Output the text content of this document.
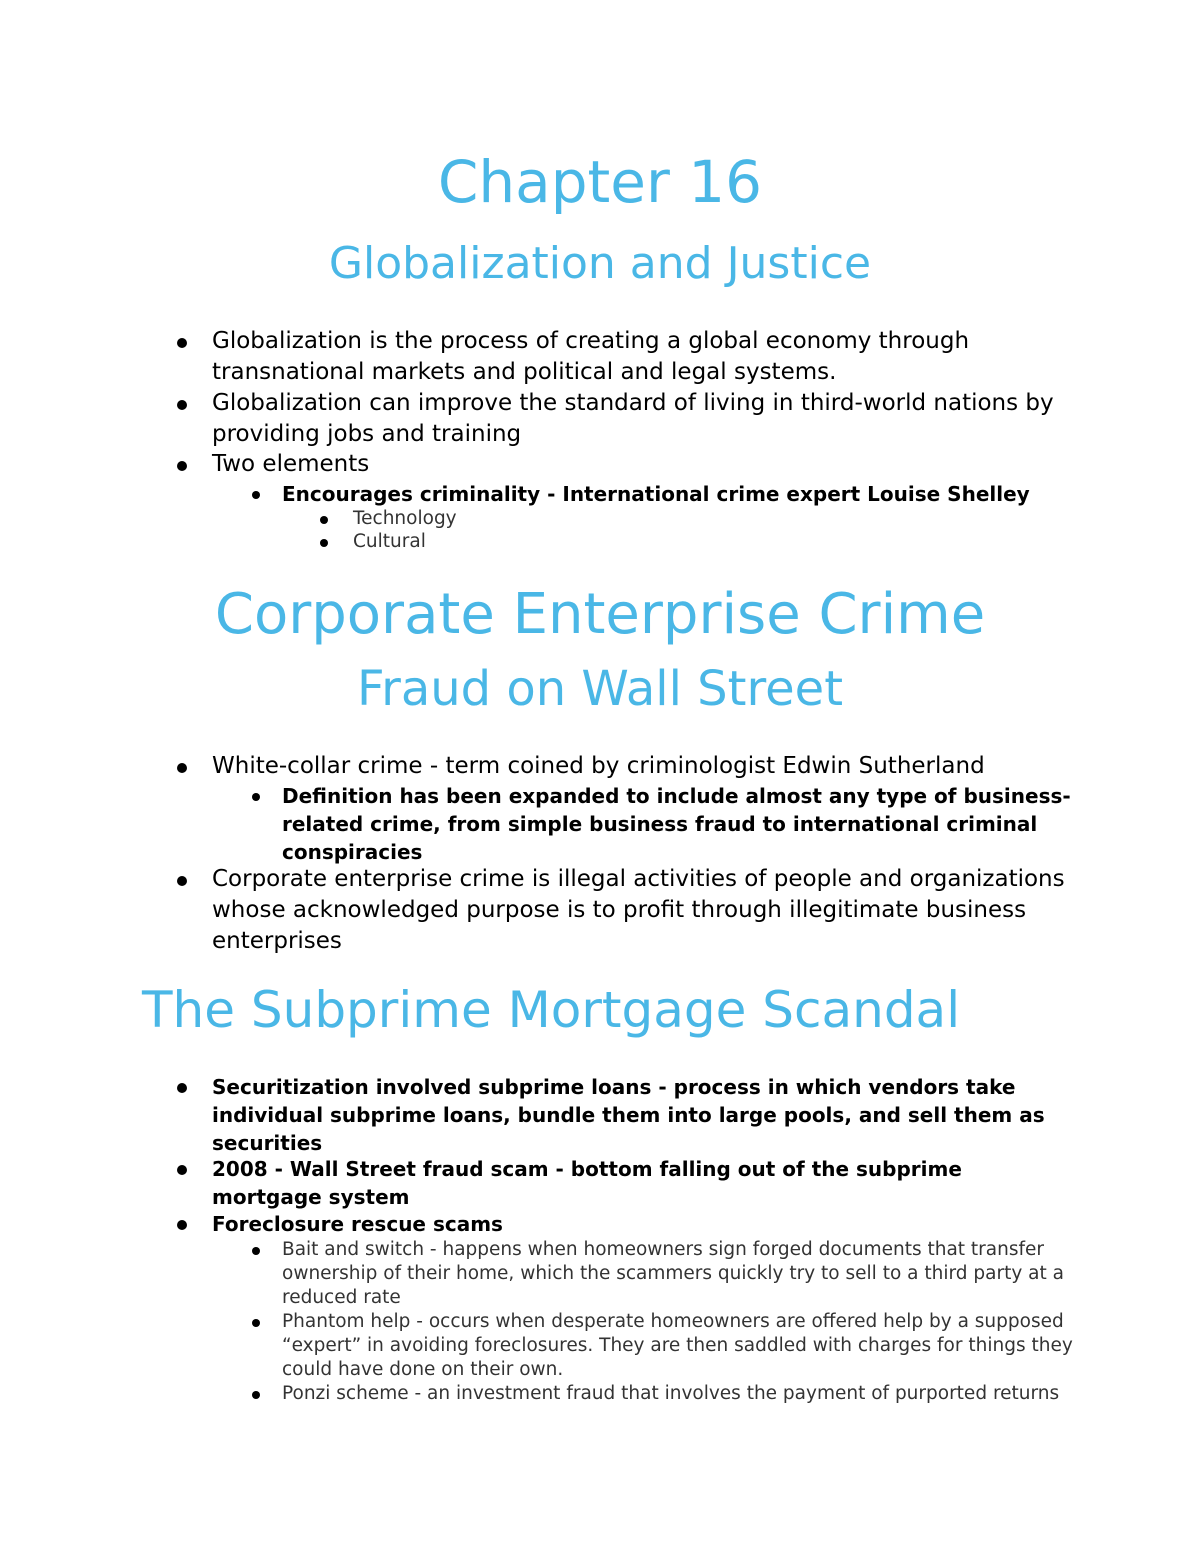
Chapter 16
Globalization and Justice
Globalization is the process of creating a global economy through transnational markets and political and legal systems.
Globalization can improve the standard of living in third-world nations by providing jobs and training
Two elements
Encourages criminality - International crime expert Louise Shelley
Technology
Cultural
Corporate Enterprise Crime
Fraud on Wall Street
White-collar crime - term coined by criminologist Edwin Sutherland
Definition has been expanded to include almost any type of business-related crime, from simple business fraud to international criminal conspiracies
Corporate enterprise crime is illegal activities of people and organizations whose acknowledged purpose is to profit through illegitimate business enterprises
The Subprime Mortgage Scandal
Securitization involved subprime loans - process in which vendors take individual subprime loans, bundle them into large pools, and sell them as securities
2008 - Wall Street fraud scam - bottom falling out of the subprime mortgage system
Foreclosure rescue scams
Bait and switch - happens when homeowners sign forged documents that transfer ownership of their home, which the scammers quickly try to sell to a third party at a reduced rate
Phantom help - occurs when desperate homeowners are offered help by a supposed “expert” in avoiding foreclosures. They are then saddled with charges for things they could have done on their own.
Ponzi scheme - an investment fraud that involves the payment of purported returns
